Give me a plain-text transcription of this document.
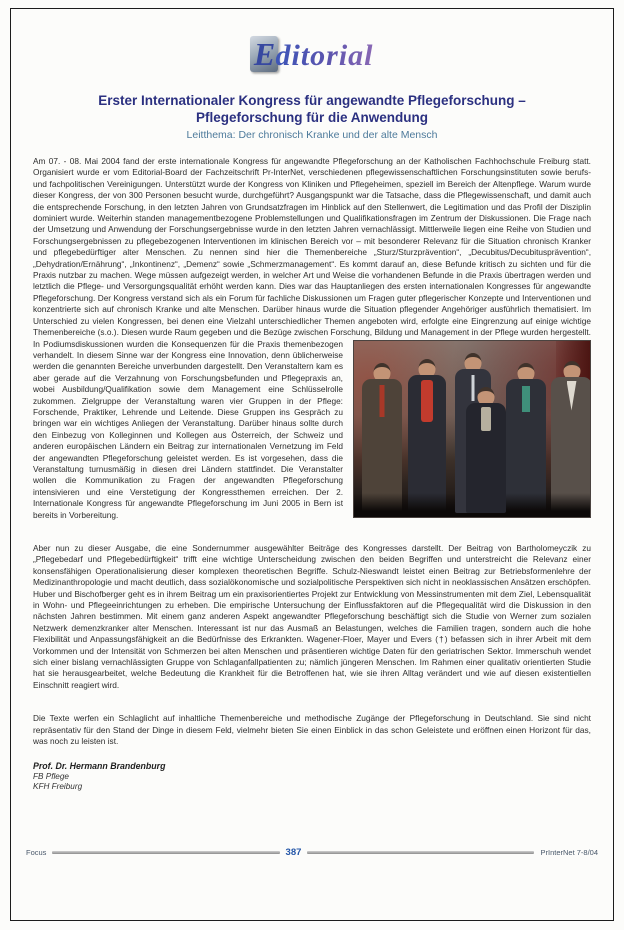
E ditorial
Erster Internationaler Kongress für angewandte Pflegeforschung –
Pflegeforschung für die Anwendung
Leitthema: Der chronisch Kranke und der alte Mensch

Am 07. - 08. Mai 2004 fand der erste internationale Kongress für angewandte Pflegeforschung an der Katholischen Fachhochschule Freiburg statt. Organisiert wurde er vom Editorial-Board der Fachzeitschrift Pr-InterNet, verschiedenen pflegewissenschaftlichen Forschungsinstituten sowie berufs- und fachpolitischen Vereinigungen. Unterstützt wurde der Kongress von Kliniken und Pflegeheimen, speziell im Bereich der Altenpflege. Warum wurde dieser Kongress, der von 300 Personen besucht wurde, durchgeführt? Ausgangspunkt war die Tatsache, dass die Pflegewissenschaft, und damit auch die entsprechende Forschung, in den letzten Jahren von Grundsatzfragen im Hinblick auf den Stellenwert, die Legitimation und das Profil der Disziplin dominiert wurde. Weiterhin standen managementbezogene Problemstellungen und Qualifikationsfragen im Zentrum der Diskussionen. Die Frage nach der Umsetzung und Anwendung der Forschungsergebnisse wurde in den letzten Jahren vernachlässigt. Mittlerweile liegen eine Reihe von Studien und Forschungsergebnissen zu pflegebezogenen Interventionen im klinischen Bereich vor – mit besonderer Relevanz für die Situation chronisch Kranker und pflegebedürftiger alter Menschen. Zu nennen sind hier die Themenbereiche „Sturz/Sturzprävention“, „Decubitus/Decubitusprävention“, „Dehydration/Ernährung“, „Inkontinenz“, „Demenz“ sowie „Schmerzmanagement“. Es kommt darauf an, diese Befunde kritisch zu sichten und für die Praxis nutzbar zu machen. Wege müssen aufgezeigt werden, in welcher Art und Weise die vorhandenen Befunde in die Praxis übertragen werden und letztlich die Pflege- und Versorgungsqualität erhöht werden kann. Dies war das Hauptanliegen des ersten internationalen Kongresses für angewandte Pflegeforschung. Der Kongress verstand sich als ein Forum für fachliche Diskussionen um Fragen guter pflegerischer Konzepte und Interventionen und konzentrierte sich auf chronisch Kranke und alte Menschen. Darüber hinaus wurde die Situation pflegender Angehöriger ausführlich thematisiert. Im Unterschied zu vielen Kongressen, bei denen eine Vielzahl unterschiedlicher Themen angeboten wird, erfolgte eine Eingrenzung auf einige wichtige Themenbereiche (s.o.). Diesen wurde Raum gegeben und die Bezüge zwischen Forschung, Bildung und Management in der Pflege wurden hergestellt. In Podiumsdiskussionen wurden die
Konsequenzen für die Praxis themenbezogen verhandelt. In diesem Sinne war der Kongress eine Innovation, denn üblicherweise werden die genannten Bereiche unverbunden dargestellt. Den Veranstaltern kam es aber gerade auf die Verzahnung von Forschungsbefunden und Pflegepraxis an, wobei Ausbildung/Qualifikation sowie dem Management eine Schlüsselrolle zukommen. Zielgruppe der Veranstaltung waren vier Gruppen in der Pflege: Forschende, Praktiker, Lehrende und Leitende. Diese Gruppen ins Gespräch zu bringen war ein wichtiges Anliegen der Veranstaltung. Darüber hinaus sollte durch den Einbezug von Kolleginnen und Kollegen aus Österreich, der Schweiz und anderen europäischen Ländern ein Beitrag zur internationalen Vernetzung im Feld der angewandten Pflegeforschung geleistet werden. Es ist vorgesehen, dass die Veranstaltung turnusmäßig in diesen drei Ländern stattfindet. Die Veranstalter wollen die Kommunikation zu Fragen der angewandten Pflegeforschung intensivieren und eine Verstetigung der Kongressthemen erreichen. Der 2. Internationale Kongress für angewandte Pflegeforschung im Juni 2005 in Bern ist bereits in Vorbereitung.

Aber nun zu dieser Ausgabe, die eine Sondernummer ausgewählter Beiträge des Kongresses darstellt. Der Beitrag von Bartholomeyczik zu „Pflegebedarf und Pflegebedürftigkeit“ trifft eine wichtige Unterscheidung zwischen den beiden Begriffen und unterstreicht die Relevanz einer konsensfähigen Operationalisierung dieser komplexen theoretischen Begriffe. Schulz-Nieswandt leistet einen Beitrag zur Betriebsformenlehre der Medizinanthropologie und macht deutlich, dass sozialökonomische und sozialpolitische Perspektiven sich nicht in neoklassischen Ansätzen erschöpfen. Huber und Bischofberger geht es in ihrem Beitrag um ein praxisorientiertes Projekt zur Entwicklung von Messinstrumenten mit dem Ziel, Lebensqualität in Wohn- und Pflegeeinrichtungen zu erheben. Die empirische Untersuchung der Einflussfaktoren auf die Pflegequalität wird die Diskussion in den nächsten Jahren bestimmen. Mit einem ganz anderen Aspekt angewandter Pflegeforschung beschäftigt sich die Studie von Werner zum sozialen Netzwerk demenzkranker alter Menschen. Interessant ist nur das Ausmaß an Belastungen, welches die Familien tragen, sondern auch die hohe Flexibilität und Anpassungsfähigkeit an die Bedürfnisse des Erkrankten. Wagener-Floer, Mayer und Evers (†) befassen sich in ihrer Arbeit mit dem Vorkommen und der Intensität von Schmerzen bei alten Menschen und präsentieren wichtige Daten für den geriatrischen Sektor. Immerschuh wendet sich einer bislang vernachlässigten Gruppe von Schlaganfallpatienten zu; nämlich jüngeren Menschen. Im Rahmen einer qualitativ orientierten Studie hat sie herausgearbeitet, welche Bedeutung die Krankheit für die Betroffenen hat, wie sie ihren Alltag verändert und wie auf diesen existentiellen Einschnitt reagiert wird.

Die Texte werfen ein Schlaglicht auf inhaltliche Themenbereiche und methodische Zugänge der Pflegeforschung in Deutschland. Sie sind nicht repräsentativ für den Stand der Dinge in diesem Feld, vielmehr bieten Sie einen Einblick in das schon Geleistete und eröffnen einen Horizont für das, was noch zu leisten ist.

Prof. Dr. Hermann Brandenburg
FB Pflege
KFH Freiburg
Focus	387	PrInterNet 7-8/04
